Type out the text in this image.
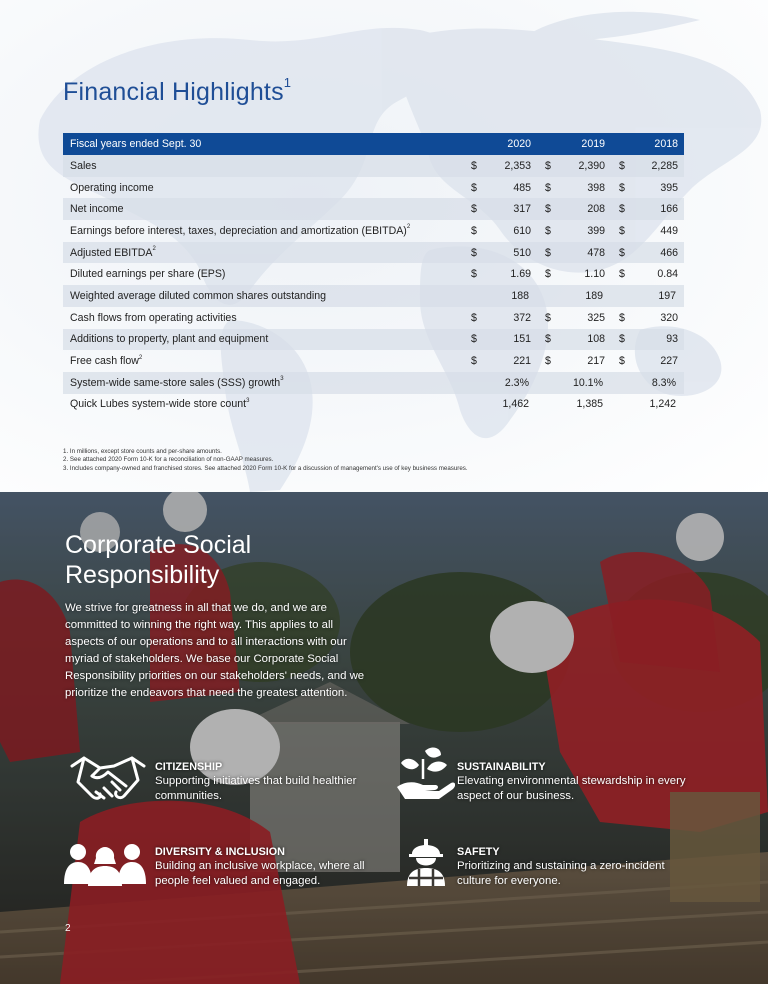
Financial Highlights$^1$
Fiscal years ended Sept. 30	2020	2019	2018
Sales	$ 2,353	$ 2,390	$ 2,285

Operating income	$ 485	$ 398	$ 395

Net income	$ 317	$ 208	$ 166

Earnings before interest, taxes, depreciation and amortization (EBITDA)$^2$	$ 610	$ 399	$ 449

Adjusted EBITDA$^2$	$ 510	$ 478	$ 466

Diluted earnings per share (EPS)	$ 1.69	$ 1.10	$ 0.84

Weighted average diluted common shares outstanding	188	189	197

Cash flows from operating activities	$ 372	$ 325	$ 320

Additions to property, plant and equipment	$ 151	$ 108	$ 93

Free cash flow$^2$	$ 221	$ 217	$ 227

System-wide same-store sales (SSS) growth$^3$	2.3%	10.1%	8.3%

Quick Lubes system-wide store count$^3$	1,462	1,385	1,242
1. In millions, except store counts and per-share amounts.
2. See attached 2020 Form 10-K for a reconciliation of non-GAAP measures.
3. Includes company-owned and franchised stores. See attached 2020 Form 10-K for a discussion of management's use of key business measures.
Corporate Social
Responsibility

We strive for greatness in all that we do, and we are committed to winning the right way. This applies to all aspects of our operations and to all interactions with our myriad of stakeholders. We base our Corporate Social Responsibility priorities on our stakeholders' needs, and we prioritize the endeavors that need the greatest attention.

CITIZENSHIP
Supporting initiatives that build healthier communities.
SUSTAINABILITY
Elevating environmental stewardship in every aspect of our business.
DIVERSITY & INCLUSION
Building an inclusive workplace, where all people feel valued and engaged.
SAFETY
Prioritizing and sustaining a zero-incident culture for everyone.
2
